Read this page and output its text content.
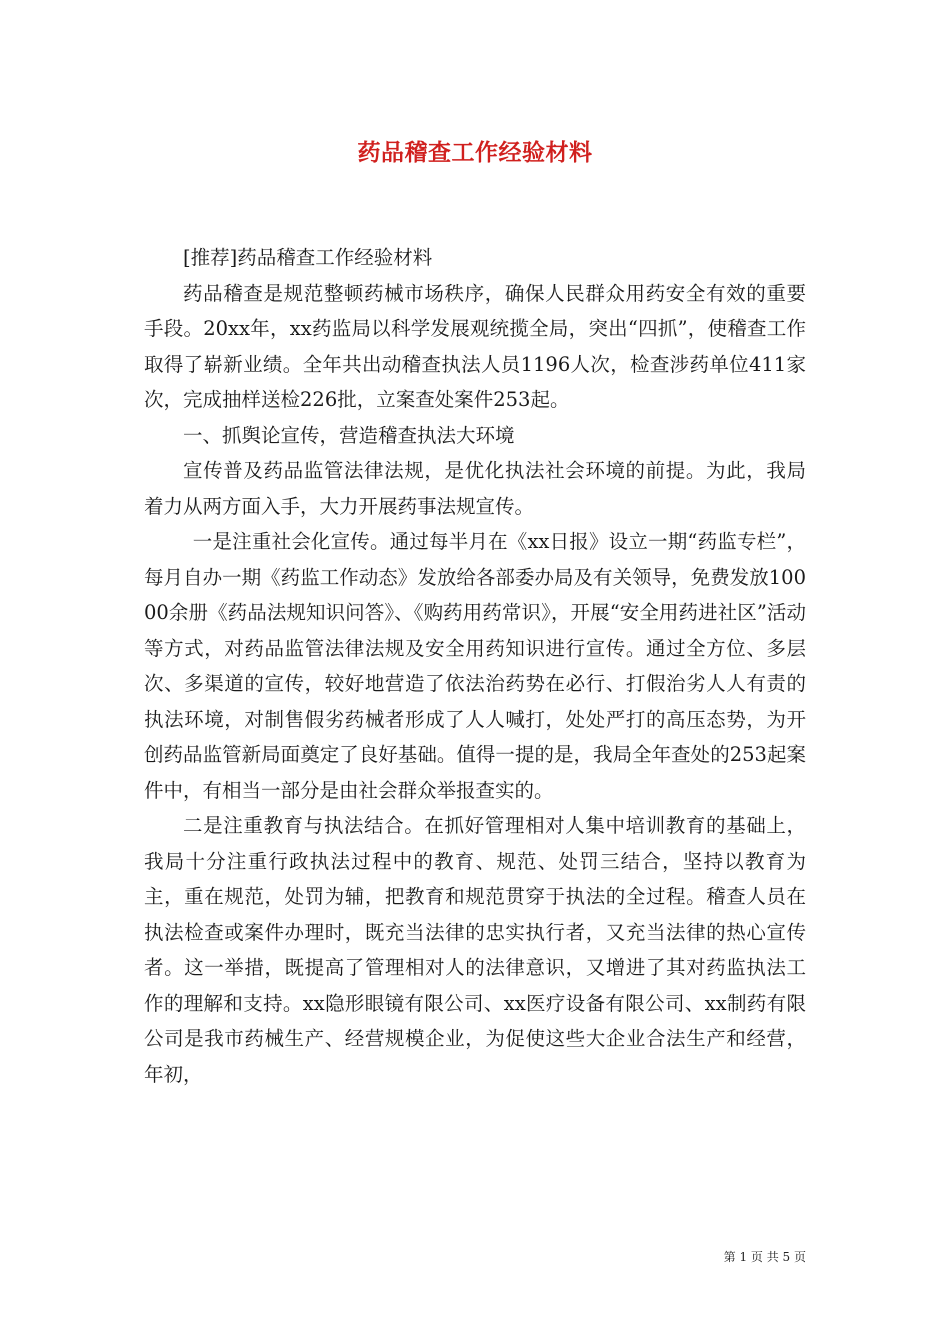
药品稽查工作经验材料

[推荐]药品稽查工作经验材料

药品稽查是规范整顿药械市场秩序，确保人民群众用药安全有效的重要手段。20xx年，xx药监局以科学发展观统揽全局，突出“四抓”，使稽查工作取得了崭新业绩。全年共出动稽查执法人员1196人次，检查涉药单位411家次，完成抽样送检226批，立案查处案件253起。

一、抓舆论宣传，营造稽查执法大环境

宣传普及药品监管法律法规，是优化执法社会环境的前提。为此，我局着力从两方面入手，大力开展药事法规宣传。

一是注重社会化宣传。通过每半月在《xx日报》设立一期“药监专栏”，每月自办一期《药监工作动态》发放给各部委办局及有关领导，免费发放10000余册《药品法规知识问答》、《购药用药常识》，开展“安全用药进社区”活动等方式，对药品监管法律法规及安全用药知识进行宣传。通过全方位、多层次、多渠道的宣传，较好地营造了依法治药势在必行、打假治劣人人有责的执法环境，对制售假劣药械者形成了人人喊打，处处严打的高压态势，为开创药品监管新局面奠定了良好基础。值得一提的是，我局全年查处的253起案件中，有相当一部分是由社会群众举报查实的。

二是注重教育与执法结合。在抓好管理相对人集中培训教育的基础上，我局十分注重行政执法过程中的教育、规范、处罚三结合，坚持以教育为主，重在规范，处罚为辅，把教育和规范贯穿于执法的全过程。稽查人员在执法检查或案件办理时，既充当法律的忠实执行者，又充当法律的热心宣传者。这一举措，既提高了管理相对人的法律意识，又增进了其对药监执法工作的理解和支持。xx隐形眼镜有限公司、xx医疗设备有限公司、xx制药有限公司是我市药械生产、经营规模企业，为促使这些大企业合法生产和经营，年初，

第 1 页 共 5 页
